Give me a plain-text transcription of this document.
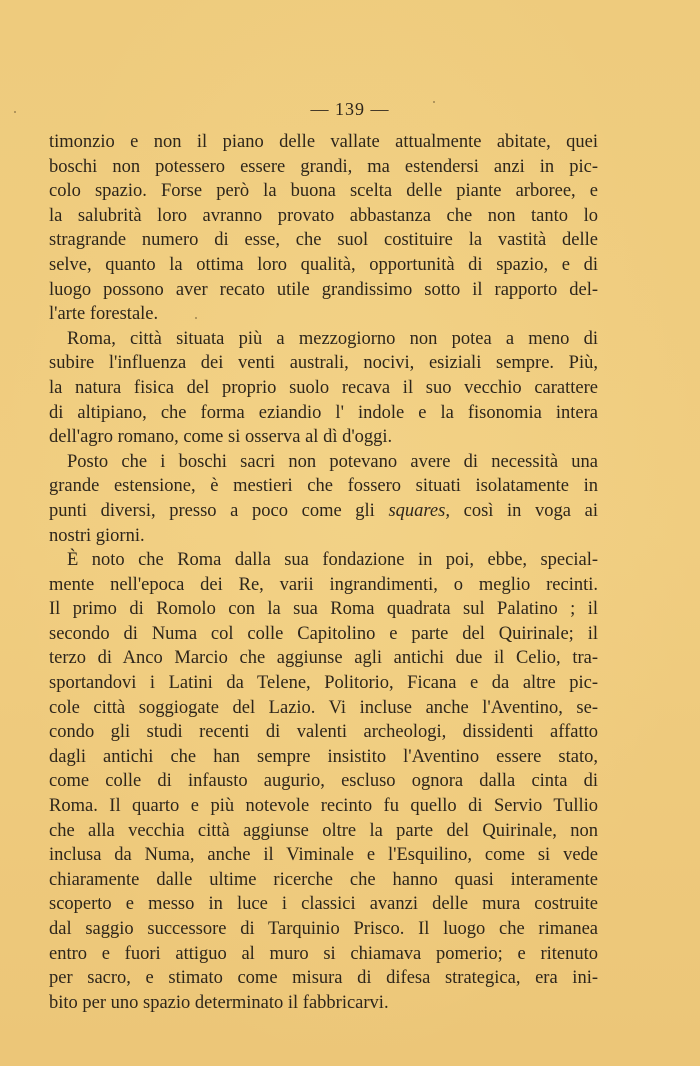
— 139 —
timonzio e non il piano delle vallate attualmente abitate, quei
boschi non potessero essere grandi, ma estendersi anzi in pic-
colo spazio. Forse però la buona scelta delle piante arboree, e
la salubrità loro avranno provato abbastanza che non tanto lo
stragrande numero di esse, che suol costituire la vastità delle
selve, quanto la ottima loro qualità, opportunità di spazio, e di
luogo possono aver recato utile grandissimo sotto il rapporto del-
l'arte forestale.
Roma, città situata più a mezzogiorno non potea a meno di
subire l'influenza dei venti australi, nocivi, esiziali sempre. Più,
la natura fisica del proprio suolo recava il suo vecchio carattere
di altipiano, che forma eziandio l' indole e la fisonomia intera
dell'agro romano, come si osserva al dì d'oggi.
Posto che i boschi sacri non potevano avere di necessità una
grande estensione, è mestieri che fossero situati isolatamente in
punti diversi, presso a poco come gli squares, così in voga ai
nostri giorni.
È noto che Roma dalla sua fondazione in poi, ebbe, special-
mente nell'epoca dei Re, varii ingrandimenti, o meglio recinti.
Il primo di Romolo con la sua Roma quadrata sul Palatino ; il
secondo di Numa col colle Capitolino e parte del Quirinale; il
terzo di Anco Marcio che aggiunse agli antichi due il Celio, tra-
sportandovi i Latini da Telene, Politorio, Ficana e da altre pic-
cole città soggiogate del Lazio. Vi incluse anche l'Aventino, se-
condo gli studi recenti di valenti archeologi, dissidenti affatto
dagli antichi che han sempre insistito l'Aventino essere stato,
come colle di infausto augurio, escluso ognora dalla cinta di
Roma. Il quarto e più notevole recinto fu quello di Servio Tullio
che alla vecchia città aggiunse oltre la parte del Quirinale, non
inclusa da Numa, anche il Viminale e l'Esquilino, come si vede
chiaramente dalle ultime ricerche che hanno quasi interamente
scoperto e messo in luce i classici avanzi delle mura costruite
dal saggio successore di Tarquinio Prisco. Il luogo che rimanea
entro e fuori attiguo al muro si chiamava pomerio; e ritenuto
per sacro, e stimato come misura di difesa strategica, era ini-
bito per uno spazio determinato il fabbricarvi.
